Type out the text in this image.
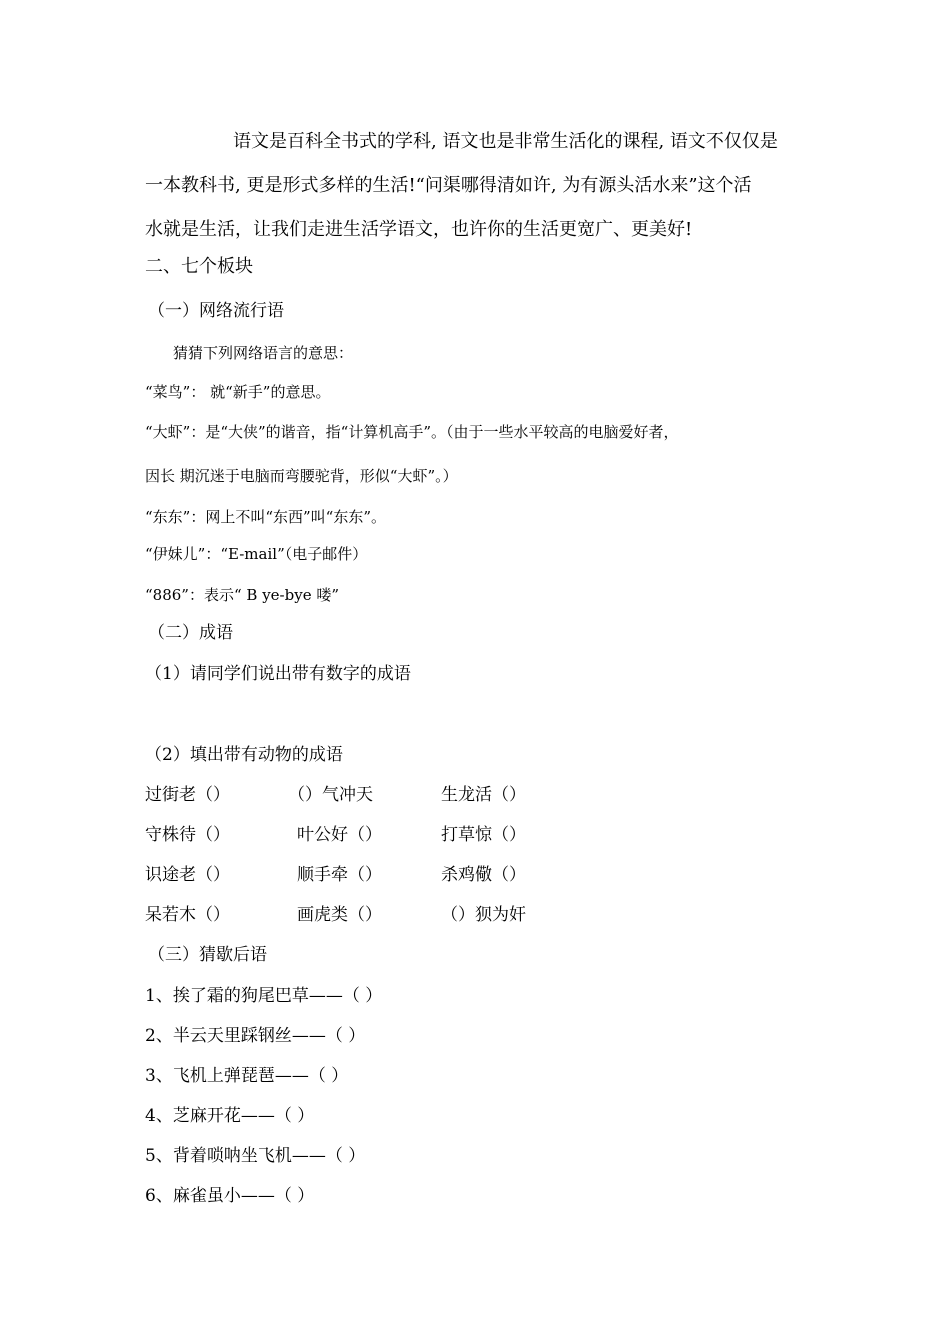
语文是百科全书式的学科, 语文也是非常生活化的课程, 语文不仅仅是

一本教科书, 更是形式多样的生活!“问渠哪得清如许, 为有源头活水来”这个活

水就是生活，让我们走进生活学语文，也许你的生活更宽广、更美好!

二、七个板块
（一）网络流行语
猜猜下列网络语言的意思：
“菜鸟”： 就“新手”的意思。
“大虾”：是“大侠”的谐音，指“计算机高手”。（由于一些水平较高的电脑爱好者，
因长 期沉迷于电脑而弯腰驼背，形似“大虾”。）
“东东”：网上不叫“东西”叫“东东”。
“伊妹儿”：“E-mail”（电子邮件）
“886”：表示“ B ye-bye 喽”
（二）成语
（1）请同学们说出带有数字的成语
（2）填出带有动物的成语
过街老（）	（）气冲天	生龙活（）
守株待（）	叶公好（）	打草惊（）
识途老（）	顺手牵（）	杀鸡儆（）
呆若木（）	画虎类（）	（）狈为奸
（三）猜歇后语
1、挨了霜的狗尾巴草——（ ）
2、半云天里踩钢丝——（ ）
3、飞机上弹琵琶——（ ）
4、芝麻开花——（ ）
5、背着唢呐坐飞机——（ ）
6、麻雀虽小——（ ）
